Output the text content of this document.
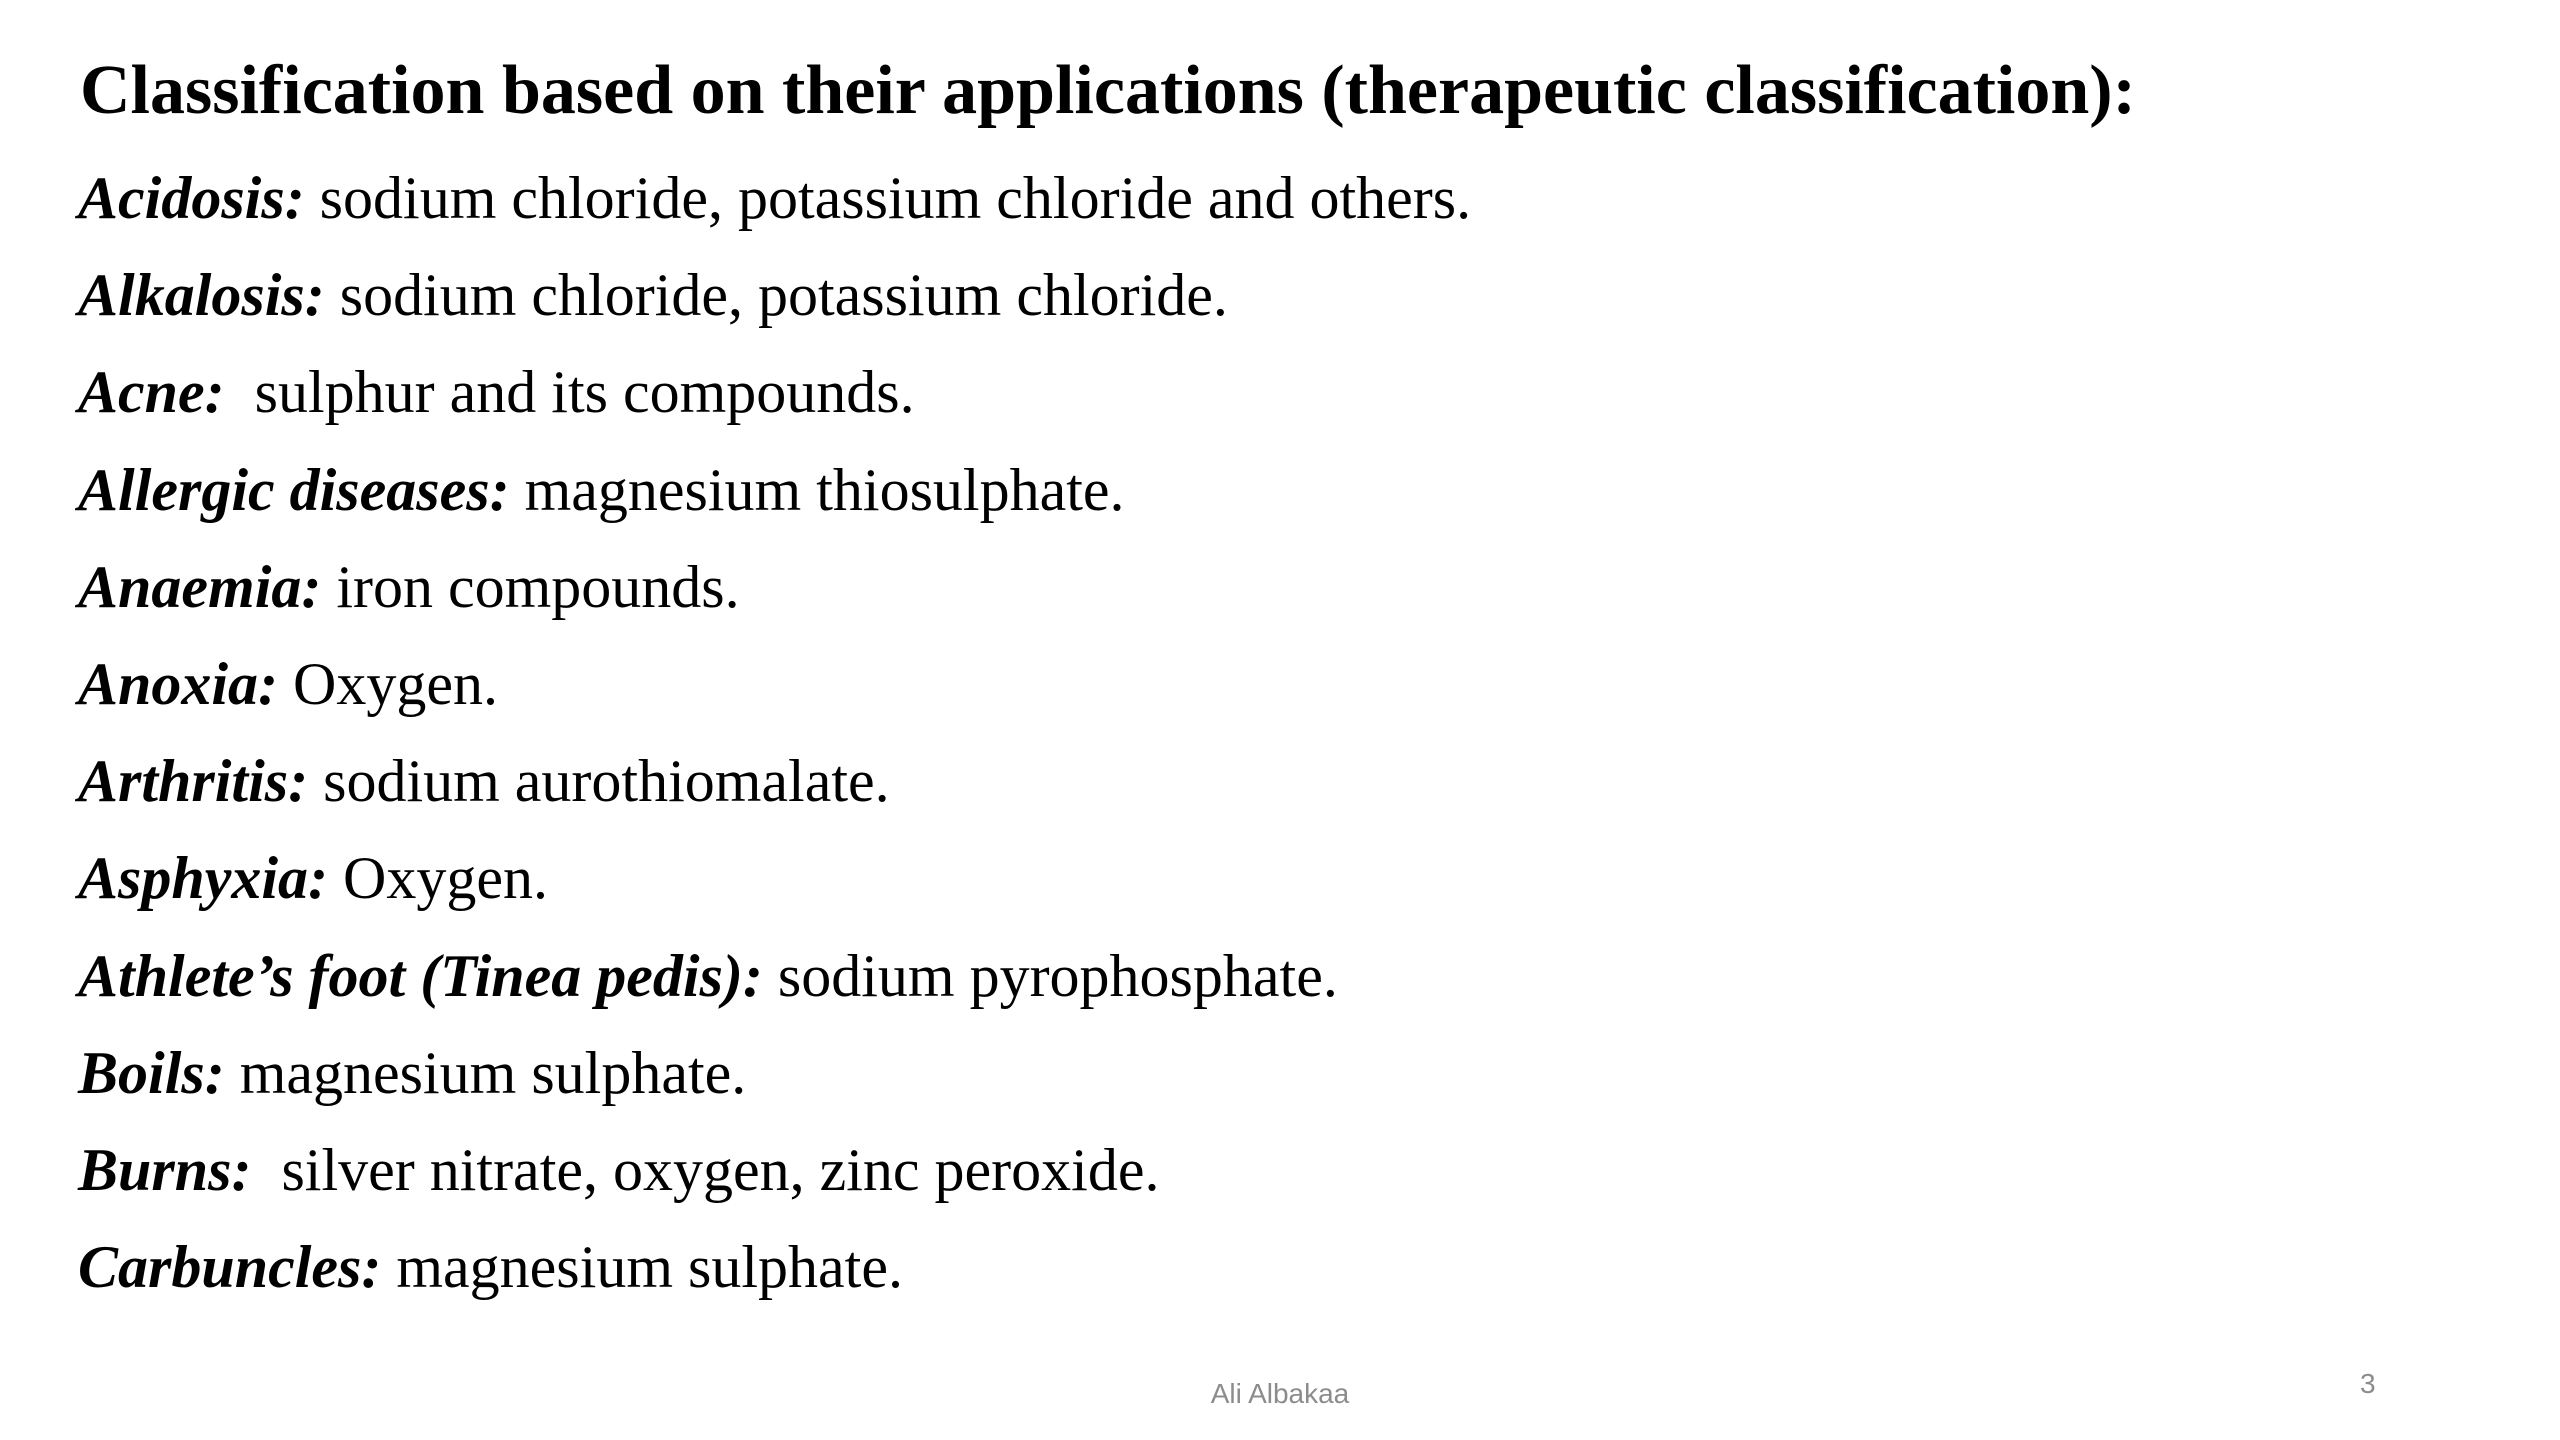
Classification based on their applications (therapeutic classification):
Acidosis: sodium chloride, potassium chloride and others.
Alkalosis: sodium chloride, potassium chloride.
Acne:  sulphur and its compounds.
Allergic diseases: magnesium thiosulphate.
Anaemia: iron compounds.
Anoxia: Oxygen.
Arthritis: sodium aurothiomalate.
Asphyxia: Oxygen.
Athlete’s foot (Tinea pedis): sodium pyrophosphate.
Boils: magnesium sulphate.
Burns:  silver nitrate, oxygen, zinc peroxide.
Carbuncles: magnesium sulphate.
Ali Albakaa	3
